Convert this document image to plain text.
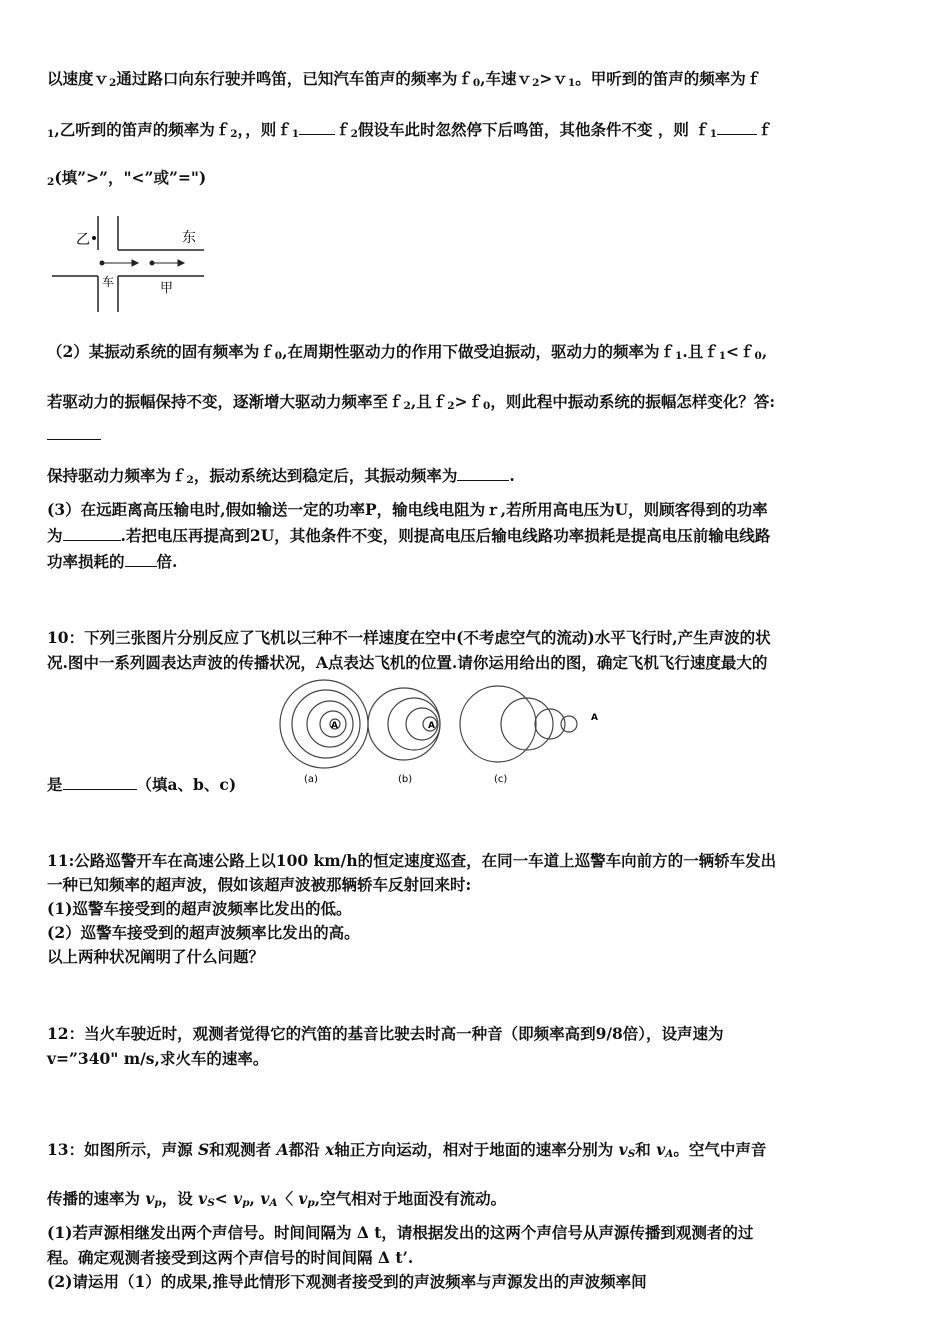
以速度ｖ2通过路口向东行驶并鸣笛，已知汽车笛声的频率为ｆ0,车速ｖ2>ｖ1。甲听到的笛声的频率为ｆ
1,乙听到的笛声的频率为ｆ2，，则ｆ1 ｆ2假设车此时忽然停下后鸣笛，其他条件不变 ，则 ｆ1	ｆ
2(填”>”，"<”或”=")
乙	东
车	甲
（2）某振动系统的固有频率为ｆ0,在周期性驱动力的作用下做受迫振动，驱动力的频率为ｆ1.且ｆ1<ｆ0,
若驱动力的振幅保持不变，逐渐增大驱动力频率至ｆ2,且ｆ2>ｆ0，则此程中振动系统的振幅怎样变化？答:
保持驱动力频率为ｆ2，振动系统达到稳定后，其振动频率为	.
(3）在远距离高压输电时,假如输送一定的功率P，输电线电阻为ｒ,若所用高电压为U，则顾客得到的功率
为	.若把电压再提高到2U，其他条件不变，则提高电压后输电线路功率损耗是提高电压前输电线路
功率损耗的 倍.
10：下列三张图片分别反应了飞机以三种不一样速度在空中(不考虑空气的流动)水平飞行时,产生声波的状
况.图中一系列圆表达声波的传播状况，A点表达飞机的位置.请你运用给出的图，确定飞机飞行速度最大的
A	A
A
(a)	(b)	(c)
是	（填a、b、c)
11:公路巡警开车在高速公路上以100 km/h的恒定速度巡查，在同一车道上巡警车向前方的一辆轿车发出
一种已知频率的超声波，假如该超声波被那辆轿车反射回来时:
(1)巡警车接受到的超声波频率比发出的低。
(2）巡警车接受到的超声波频率比发出的高。
以上两种状况阐明了什么问题？
12：当火车驶近时，观测者觉得它的汽笛的基音比驶去时高一种音（即频率高到9/8倍），设声速为
v=”340" m/s,求火车的速率。
13：如图所示，声源 S和观测者 A都沿 x轴正方向运动，相对于地面的速率分别为 vS和 vA。空气中声音
传播的速率为 vp，设 vS< vp, vA〈 vp,空气相对于地面没有流动。
(1)若声源相继发出两个声信号。时间间隔为 Δ t，请根据发出的这两个声信号从声源传播到观测者的过
程。确定观测者接受到这两个声信号的时间间隔 Δ t’.
(2)请运用（1）的成果,推导此情形下观测者接受到的声波频率与声源发出的声波频率间
